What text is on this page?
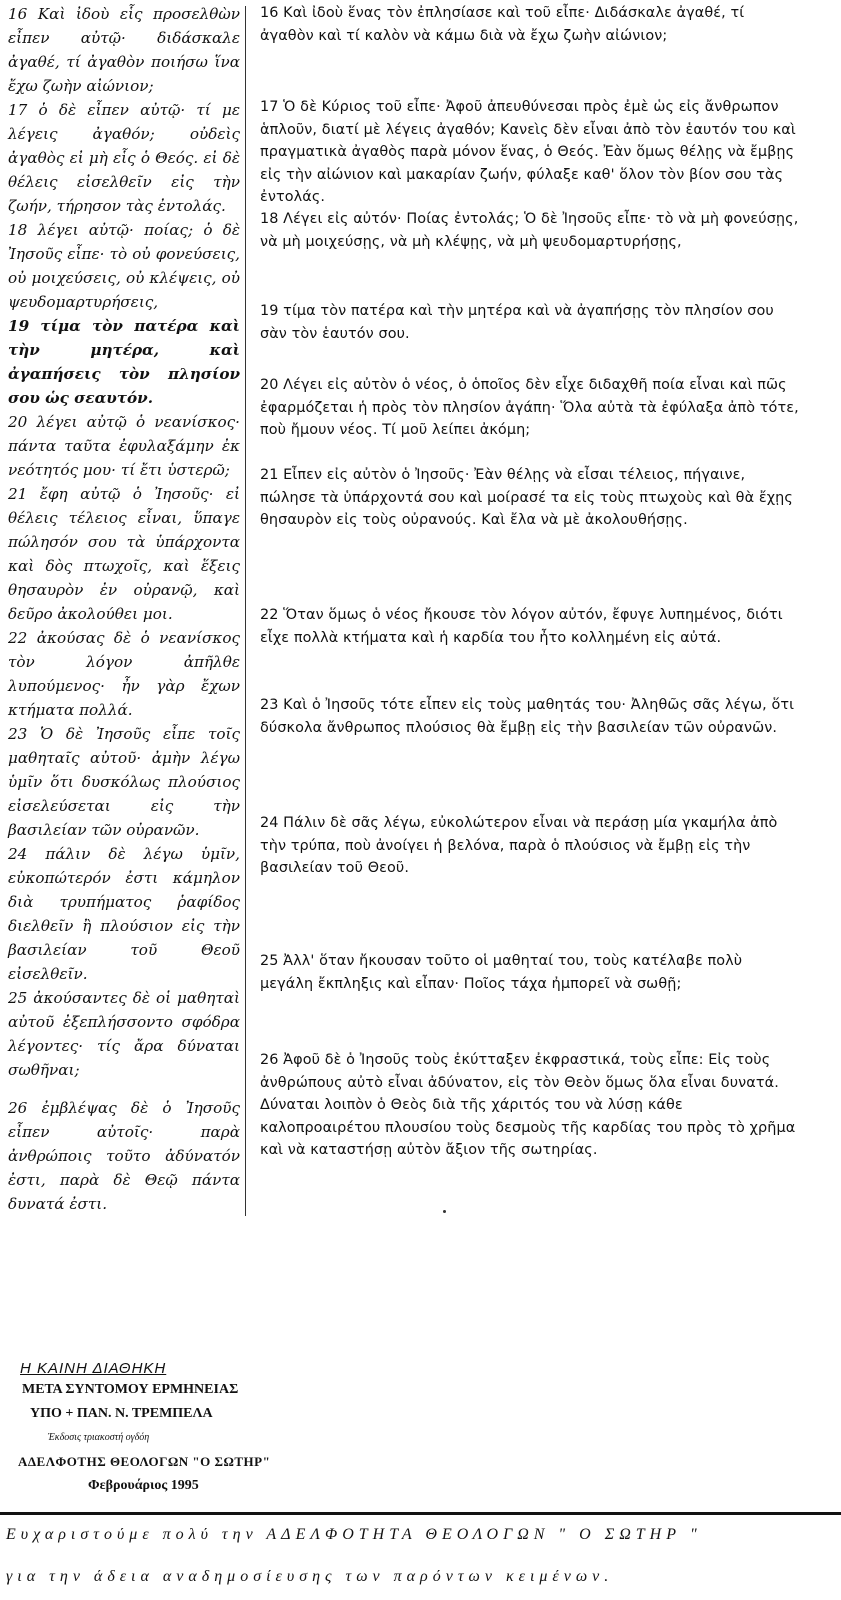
16 Καὶ ἰδοὺ εἷς προσελθὼν εἶπεν αὐτῷ· διδάσκαλε ἀγαθέ, τί ἀγαθὸν ποιήσω ἵνα ἔχω ζωὴν αἰώνιον;

17 ὁ δὲ εἶπεν αὐτῷ· τί με λέγεις ἀγαθόν; οὐδεὶς ἀγαθὸς εἰ μὴ εἷς ὁ Θεός. εἰ δὲ θέλεις εἰσελθεῖν εἰς τὴν ζωήν, τήρησον τὰς ἐντολάς.

18 λέγει αὐτῷ· ποίας; ὁ δὲ Ἰησοῦς εἶπε· τὸ οὐ φονεύσεις, οὐ μοιχεύσεις, οὐ κλέψεις, οὐ ψευδομαρτυρήσεις,

19 τίμα τὸν πατέρα καὶ τὴν μητέρα, καὶ ἀγαπήσεις τὸν πλησίον σου ὡς σεαυτόν.

20 λέγει αὐτῷ ὁ νεανίσκος· πάντα ταῦτα ἐφυλαξάμην ἐκ νεότητός μου· τί ἔτι ὑστερῶ;

21 ἔφη αὐτῷ ὁ Ἰησοῦς· εἰ θέλεις τέλειος εἶναι, ὕπαγε πώλησόν σου τὰ ὑπάρχοντα καὶ δὸς πτωχοῖς, καὶ ἕξεις θησαυρὸν ἐν οὐρανῷ, καὶ δεῦρο ἀκολούθει μοι.

22 ἀκούσας δὲ ὁ νεανίσκος τὸν λόγον ἀπῆλθε λυπούμενος· ἦν γὰρ ἔχων κτήματα πολλά.

23 Ὁ δὲ Ἰησοῦς εἶπε τοῖς μαθηταῖς αὐτοῦ· ἀμὴν λέγω ὑμῖν ὅτι δυσκόλως πλούσιος εἰσελεύσεται εἰς τὴν βασιλείαν τῶν οὐρανῶν.

24 πάλιν δὲ λέγω ὑμῖν, εὐκοπώτερόν ἐστι κάμηλον διὰ τρυπήματος ῥαφίδος διελθεῖν ἢ πλούσιον εἰς τὴν βασιλείαν τοῦ Θεοῦ εἰσελθεῖν.

25 ἀκούσαντες δὲ οἱ μαθηταὶ αὐτοῦ ἐξεπλήσσοντο σφόδρα λέγοντες· τίς ἄρα δύναται σωθῆναι;

26 ἐμβλέψας δὲ ὁ Ἰησοῦς εἶπεν αὐτοῖς· παρὰ ἀνθρώποις τοῦτο ἀδύνατόν ἐστι, παρὰ δὲ Θεῷ πάντα δυνατά ἐστι.

16 Καὶ ἰδοὺ ἕνας τὸν ἐπλησίασε καὶ τοῦ εἶπε· Διδάσκαλε ἀγαθέ, τί ἀγαθὸν καὶ τί καλὸν νὰ κάμω διὰ νὰ ἔχω ζωὴν αἰώνιον;

17 Ὁ δὲ Κύριος τοῦ εἶπε· Ἀφοῦ ἀπευθύνεσαι πρὸς ἐμὲ ὡς εἰς ἄνθρωπον ἁπλοῦν, διατί μὲ λέγεις ἀγαθόν; Κανεὶς δὲν εἶναι ἀπὸ τὸν ἑαυτόν του καὶ πραγματικὰ ἀγαθὸς παρὰ μόνον ἕνας, ὁ Θεός. Ἐὰν ὅμως θέλῃς νὰ ἔμβῃς εἰς τὴν αἰώνιον καὶ μακαρίαν ζωήν, φύλαξε καθ' ὅλον τὸν βίον σου τὰς ἐντολάς.

18 Λέγει εἰς αὐτόν· Ποίας ἐντολάς; Ὁ δὲ Ἰησοῦς εἶπε· τὸ νὰ μὴ φονεύσῃς, νὰ μὴ μοιχεύσῃς, νὰ μὴ κλέψῃς, νὰ μὴ ψευδομαρτυρήσῃς,

19 τίμα τὸν πατέρα καὶ τὴν μητέρα καὶ νὰ ἀγαπήσῃς τὸν πλησίον σου σὰν τὸν ἑαυτόν σου.

20 Λέγει εἰς αὐτὸν ὁ νέος, ὁ ὁποῖος δὲν εἶχε διδαχθῆ ποία εἶναι καὶ πῶς ἐφαρμόζεται ἡ πρὸς τὸν πλησίον ἀγάπη· Ὅλα αὐτὰ τὰ ἐφύλαξα ἀπὸ τότε, ποὺ ἤμουν νέος. Τί μοῦ λείπει ἀκόμη;

21 Εἶπεν εἰς αὐτὸν ὁ Ἰησοῦς· Ἐὰν θέλῃς νὰ εἶσαι τέλειος, πήγαινε, πώλησε τὰ ὑπάρχοντά σου καὶ μοίρασέ τα εἰς τοὺς πτωχοὺς καὶ θὰ ἔχῃς θησαυρὸν εἰς τοὺς οὐρανούς. Καὶ ἔλα νὰ μὲ ἀκολουθήσῃς.

22 Ὅταν ὅμως ὁ νέος ἤκουσε τὸν λόγον αὐτόν, ἔφυγε λυπημένος, διότι εἶχε πολλὰ κτήματα καὶ ἡ καρδία του ἦτο κολλημένη εἰς αὐτά.

23 Καὶ ὁ Ἰησοῦς τότε εἶπεν εἰς τοὺς μαθητάς του· Ἀληθῶς σᾶς λέγω, ὅτι δύσκολα ἄνθρωπος πλούσιος θὰ ἔμβῃ εἰς τὴν βασιλείαν τῶν οὐρανῶν.

24 Πάλιν δὲ σᾶς λέγω, εὐκολώτερον εἶναι νὰ περάσῃ μία γκαμήλα ἀπὸ τὴν τρύπα, ποὺ ἀνοίγει ἡ βελόνα, παρὰ ὁ πλούσιος νὰ ἔμβῃ εἰς τὴν βασιλείαν τοῦ Θεοῦ.

25 Ἀλλ' ὅταν ἤκουσαν τοῦτο οἱ μαθηταί του, τοὺς κατέλαβε πολὺ μεγάλη ἔκπληξις καὶ εἶπαν· Ποῖος τάχα ἠμπορεῖ νὰ σωθῇ;

26 Ἀφοῦ δὲ ὁ Ἰησοῦς τοὺς ἐκύτταξεν ἐκφραστικά, τοὺς εἶπε: Εἰς τοὺς ἀνθρώπους αὐτὸ εἶναι ἀδύνατον, εἰς τὸν Θεὸν ὅμως ὅλα εἶναι δυνατά. Δύναται λοιπὸν ὁ Θεὸς διὰ τῆς χάριτός του νὰ λύσῃ κάθε καλοπροαιρέτου πλουσίου τοὺς δεσμοὺς τῆς καρδίας του πρὸς τὸ χρῆμα καὶ νὰ καταστήσῃ αὐτὸν ἄξιον τῆς σωτηρίας.

Η ΚΑΙΝΗ ΔΙΑΘΗΚΗ
ΜΕΤΑ ΣΥΝΤΟΜΟΥ ΕΡΜΗΝΕΙΑΣ
ΥΠΟ + ΠΑΝ. Ν. ΤΡΕΜΠΕΛΑ
Έκδοσις τριακοστή ογδόη
ΑΔΕΛΦΟΤΗΣ ΘΕΟΛΟΓΩΝ "Ο ΣΩΤΗΡ"
Φεβρουάριος 1995
Ευχαριστούμε πολύ την ΑΔΕΛΦΟΤΗΤΑ ΘΕΟΛΟΓΩΝ " Ο ΣΩΤΗΡ "
για την άδεια αναδημοσίευσης των παρόντων κειμένων.
